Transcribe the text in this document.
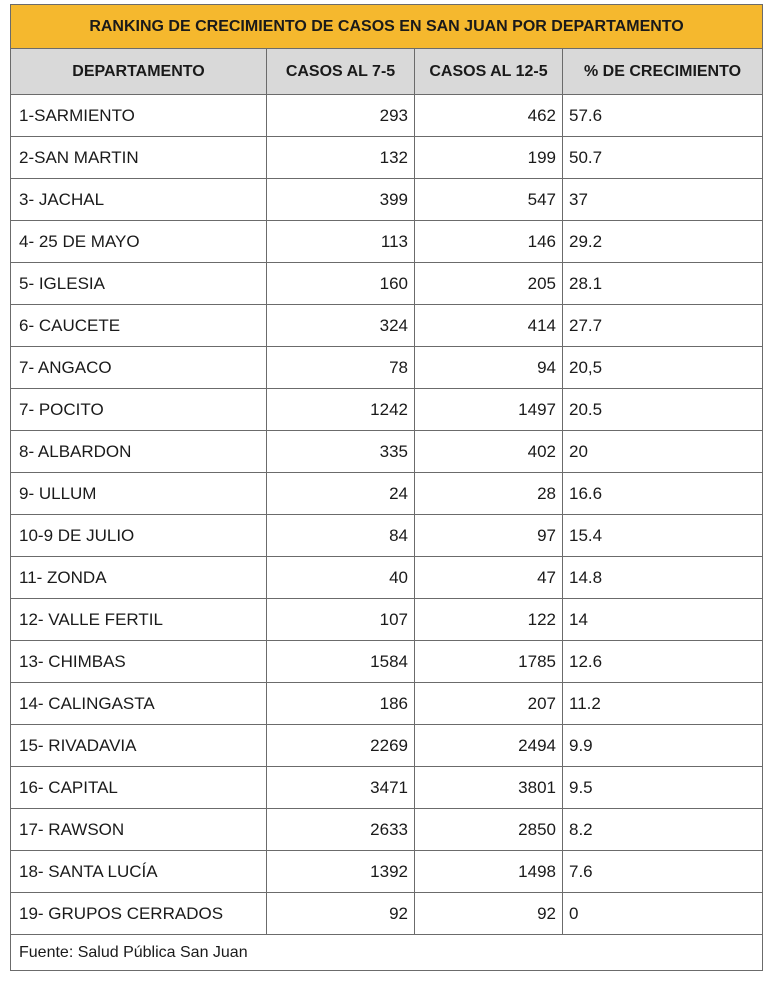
RANKING DE CRECIMIENTO DE CASOS EN SAN JUAN POR DEPARTAMENTO			
DEPARTAMENTO	CASOS AL 7-5	CASOS AL 12-5	% DE CRECIMIENTO
1-SARMIENTO	293	462	57.6
2-SAN MARTIN	132	199	50.7
3- JACHAL	399	547	37
4- 25 DE MAYO	113	146	29.2
5- IGLESIA	160	205	28.1
6- CAUCETE	324	414	27.7
7- ANGACO	78	94	20,5
7- POCITO	1242	1497	20.5
8- ALBARDON	335	402	20
9- ULLUM	24	28	16.6
10-9 DE JULIO	84	97	15.4
11- ZONDA	40	47	14.8
12- VALLE FERTIL	107	122	14
13- CHIMBAS	1584	1785	12.6
14- CALINGASTA	186	207	11.2
15- RIVADAVIA	2269	2494	9.9
16- CAPITAL	3471	3801	9.5
17- RAWSON	2633	2850	8.2
18- SANTA LUCÍA	1392	1498	7.6
19- GRUPOS CERRADOS	92	92	0
Fuente: Salud Pública San Juan			
